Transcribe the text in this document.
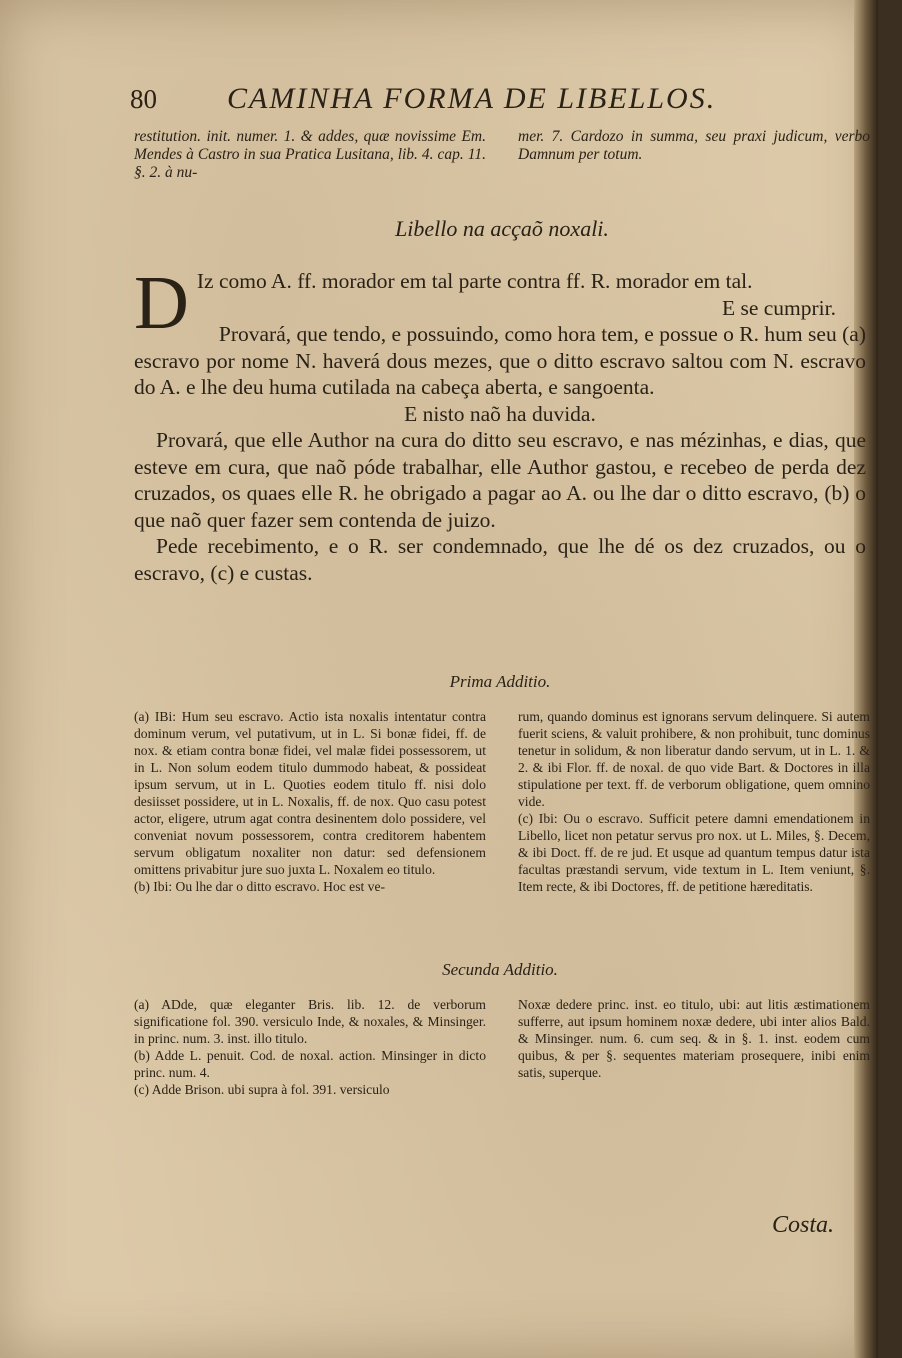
80 CAMINHA FORMA DE LIBELLOS.
restitution. init. numer. 1. & addes, quæ novissime Em. Mendes à Castro in sua Pratica Lusitana, lib. 4. cap. 11. §. 2. à nu-
mer. 7. Cardozo in summa, seu praxi judicum, verbo Damnum per totum.
Libello na acçaõ noxali.

D Iz como A. ff. morador em tal parte contra ff. R. morador em tal.

E se cumprir.

Provará, que tendo, e possuindo, como hora tem, e possue o R. hum seu (a) escravo por nome N. haverá dous mezes, que o ditto escravo saltou com N. escravo do A. e lhe deu huma cutilada na cabeça aberta, e sangoenta.

E nisto naõ ha duvida.

Provará, que elle Author na cura do ditto seu escravo, e nas mézinhas, e dias, que esteve em cura, que naõ póde trabalhar, elle Author gastou, e recebeo de perda dez cruzados, os quaes elle R. he obrigado a pagar ao A. ou lhe dar o ditto escravo, (b) o que naõ quer fazer sem contenda de juizo.

Pede recebimento, e o R. ser condemnado, que lhe dé os dez cruzados, ou o escravo, (c) e custas.

Prima Additio.

(a) IBi: Hum seu escravo. Actio ista noxalis intentatur contra dominum verum, vel putativum, ut in L. Si bonæ fidei, ff. de nox. & etiam contra bonæ fidei, vel malæ fidei possessorem, ut in L. Non solum eodem titulo dummodo habeat, & possideat ipsum servum, ut in L. Quoties eodem titulo ff. nisi dolo desiisset possidere, ut in L. Noxalis, ff. de nox. Quo casu potest actor, eligere, utrum agat contra desinentem dolo possidere, vel conveniat novum possessorem, contra creditorem habentem servum obligatum noxaliter non datur: sed defensionem omittens privabitur jure suo juxta L. Noxalem eo titulo.

(b) Ibi: Ou lhe dar o ditto escravo. Hoc est ve-

rum, quando dominus est ignorans servum delinquere. Si autem fuerit sciens, & valuit prohibere, & non prohibuit, tunc dominus tenetur in solidum, & non liberatur dando servum, ut in L. 1. & 2. & ibi Flor. ff. de noxal. de quo vide Bart. & Doctores in illa stipulatione per text. ff. de verborum obligatione, quem omnino vide.

(c) Ibi: Ou o escravo. Sufficit petere damni emendationem in Libello, licet non petatur servus pro nox. ut L. Miles, §. Decem, & ibi Doct. ff. de re jud. Et usque ad quantum tempus datur ista facultas præstandi servum, vide textum in L. Item veniunt, §. Item recte, & ibi Doctores, ff. de petitione hæreditatis.

Secunda Additio.

(a) ADde, quæ eleganter Bris. lib. 12. de verborum significatione fol. 390. versiculo Inde, & noxales, & Minsinger. in princ. num. 3. inst. illo titulo.

(b) Adde L. penuit. Cod. de noxal. action. Minsinger in dicto princ. num. 4.

(c) Adde Brison. ubi supra à fol. 391. versiculo

Noxæ dedere princ. inst. eo titulo, ubi: aut litis æstimationem sufferre, aut ipsum hominem noxæ dedere, ubi inter alios Bald. & Minsinger. num. 6. cum seq. & in §. 1. inst. eodem cum quibus, & per §. sequentes materiam prosequere, inibi enim satis, superque.

Costa.
